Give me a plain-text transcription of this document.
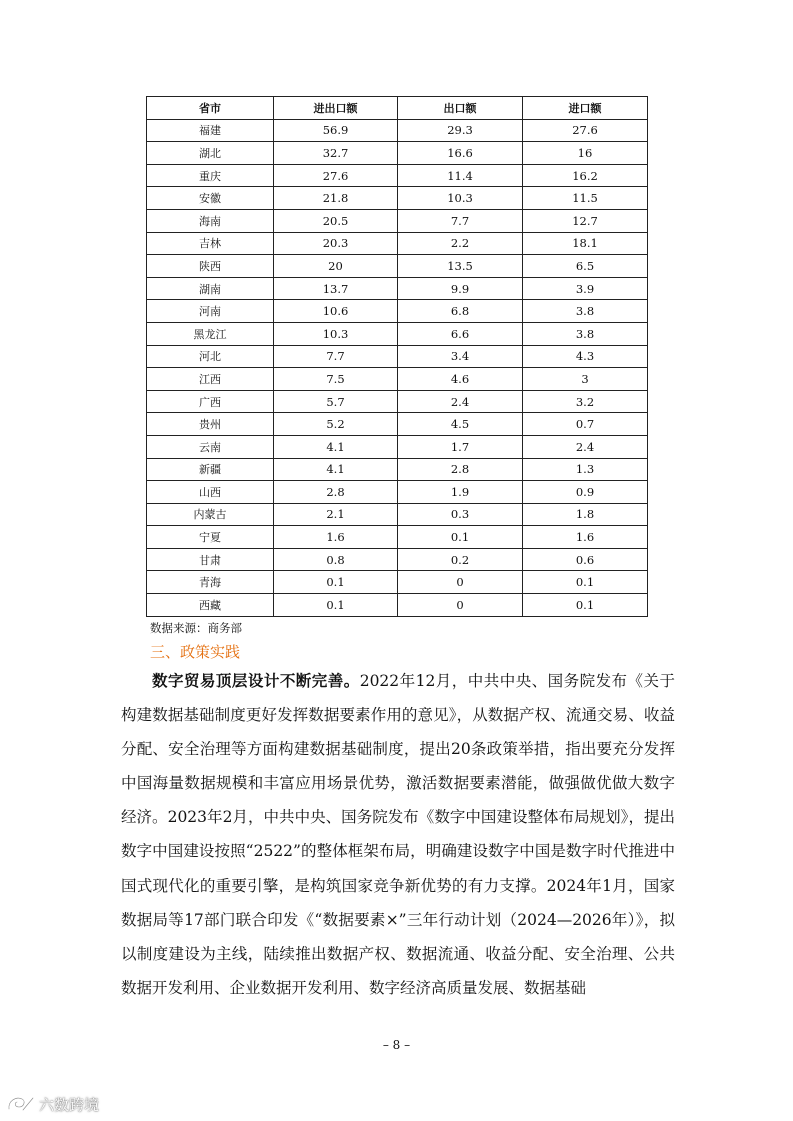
省市	进出口额	出口额	进口额
福建	56.9	29.3	27.6
湖北	32.7	16.6	16
重庆	27.6	11.4	16.2
安徽	21.8	10.3	11.5
海南	20.5	7.7	12.7
吉林	20.3	2.2	18.1
陕西	20	13.5	6.5
湖南	13.7	9.9	3.9
河南	10.6	6.8	3.8
黑龙江	10.3	6.6	3.8
河北	7.7	3.4	4.3
江西	7.5	4.6	3
广西	5.7	2.4	3.2
贵州	5.2	4.5	0.7
云南	4.1	1.7	2.4
新疆	4.1	2.8	1.3
山西	2.8	1.9	0.9
内蒙古	2.1	0.3	1.8
宁夏	1.6	0.1	1.6
甘肃	0.8	0.2	0.6
青海	0.1	0	0.1
西藏	0.1	0	0.1
数据来源：商务部
三、政策实践
数字贸易顶层设计不断完善。2022年12月，中共中央、国务院发布《关于构建数据基础制度更好发挥数据要素作用的意见》，从数据产权、流通交易、收益分配、安全治理等方面构建数据基础制度，提出20条政策举措，指出要充分发挥中国海量数据规模和丰富应用场景优势，激活数据要素潜能，做强做优做大数字经济。2023年2月，中共中央、国务院发布《数字中国建设整体布局规划》，提出数字中国建设按照“2522”的整体框架布局，明确建设数字中国是数字时代推进中国式现代化的重要引擎，是构筑国家竞争新优势的有力支撑。2024年1月，国家数据局等17部门联合印发《“数据要素×”三年行动计划（2024—2026年）》，拟以制度建设为主线，陆续推出数据产权、数据流通、收益分配、安全治理、公共数据开发利用、企业数据开发利用、数字经济高质量发展、数据基础
– 8 –
六数跨境
